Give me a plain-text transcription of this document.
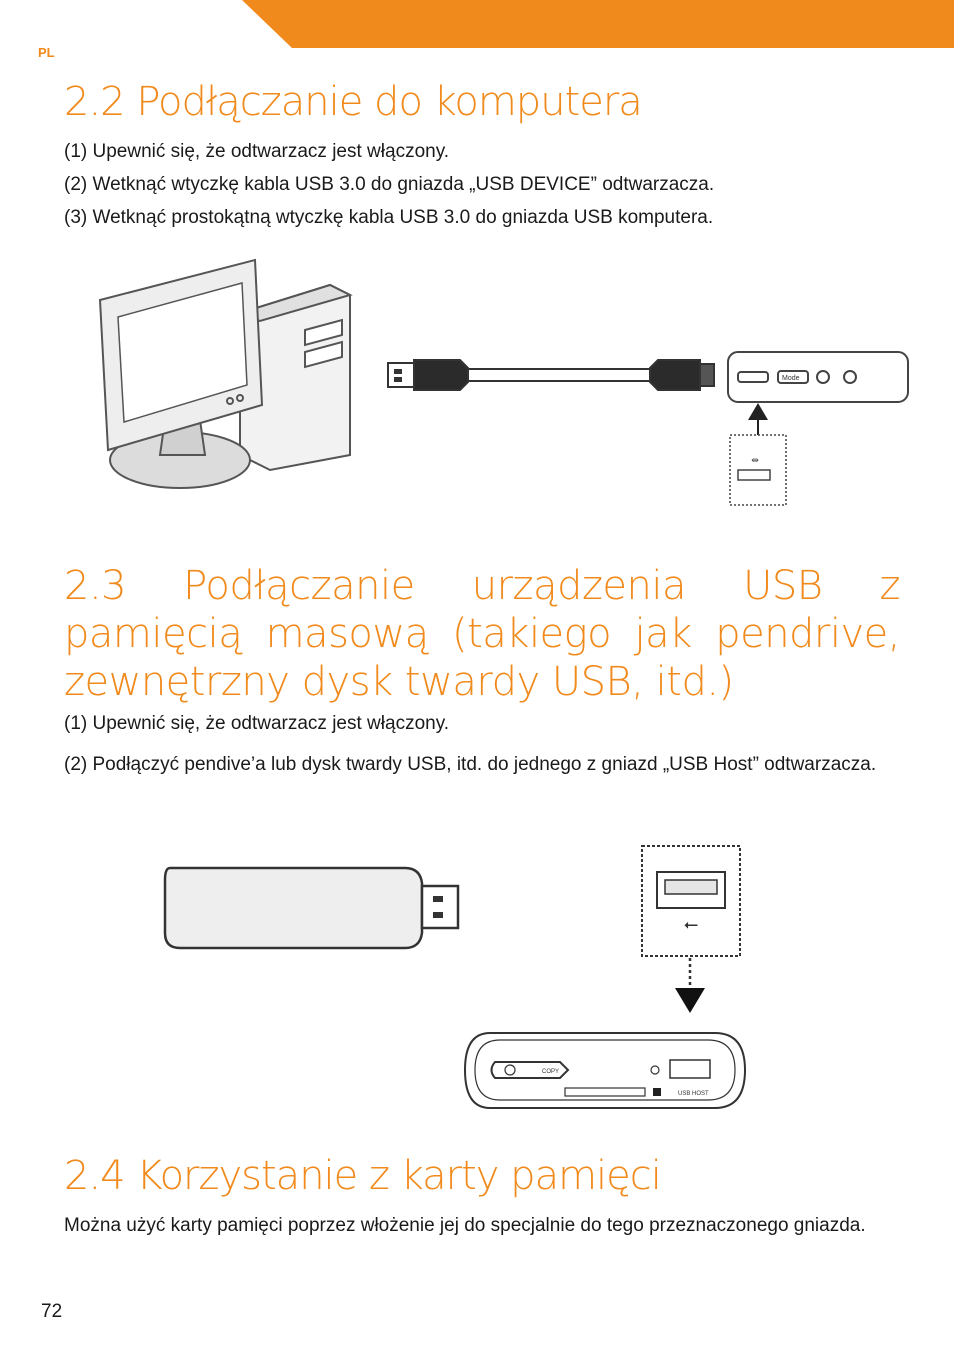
PL
2.2 Podłączanie do komputera

(1) Upewnić się, że odtwarzacz jest włączony.

(2) Wetknąć wtyczkę kabla USB 3.0 do gniazda „USB DEVICE” odtwarzacza.

(3) Wetknąć prostokątną wtyczkę kabla USB 3.0 do gniazda USB komputera.

Mode
⇹
2.3 Podłączanie urządzenia USB z pamięcią masową (takiego jak pendrive, zewnętrzny dysk twardy USB, itd.)

(1) Upewnić się, że odtwarzacz jest włączony.

(2) Podłączyć pendive’a lub dysk twardy USB, itd. do jednego z gniazd „USB Host” odtwarzacza.

⭠
COPY
USB HOST
2.4 Korzystanie z karty pamięci

Można użyć karty pamięci poprzez włożenie jej do specjalnie do tego przeznaczonego gniazda.

72
